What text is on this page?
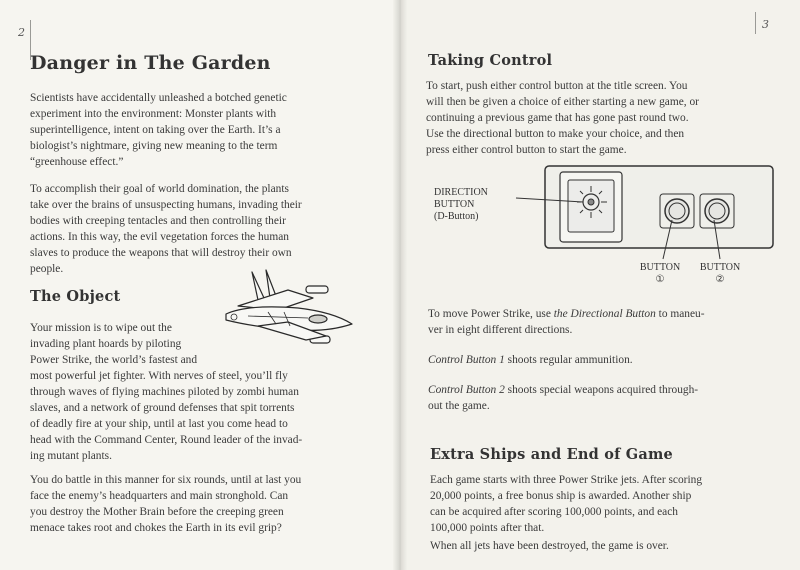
2
3
Danger in The Garden

Scientists have accidentally unleashed a botched genetic
experiment into the environment: Monster plants with
superintelligence, intent on taking over the Earth. It’s a
biologist’s nightmare, giving new meaning to the term
“greenhouse effect.”

To accomplish their goal of world domination, the plants
take over the brains of unsuspecting humans, invading their
bodies with creeping tentacles and then controlling their
actions. In this way, the evil vegetation forces the human
slaves to produce the weapons that will destroy their own
people.

The Object

Your mission is to wipe out the
invading plant hoards by piloting
Power Strike, the world’s fastest and
most powerful jet fighter. With nerves of steel, you’ll fly
through waves of flying machines piloted by zombi human
slaves, and a network of ground defenses that spit torrents
of deadly fire at your ship, until at last you come head to
head with the Command Center, Round leader of the invad-
ing mutant plants.

You do battle in this manner for six rounds, until at last you
face the enemy’s headquarters and main stronghold. Can
you destroy the Mother Brain before the creeping green
menace takes root and chokes the Earth in its evil grip?

Taking Control

To start, push either control button at the title screen. You
will then be given a choice of either starting a new game, or
continuing a previous game that has gone past round two.
Use the directional button to make your choice, and then
press either control button to start the game.

DIRECTION
BUTTON
(D-Button)
BUTTON
①
BUTTON
②

To move Power Strike, use the Directional Button to maneu-
ver in eight different directions.

Control Button 1 shoots regular ammunition.

Control Button 2 shoots special weapons acquired through-
out the game.

Extra Ships and End of Game

Each game starts with three Power Strike jets. After scoring
20,000 points, a free bonus ship is awarded. Another ship
can be acquired after scoring 100,000 points, and each
100,000 points after that.

When all jets have been destroyed, the game is over.
